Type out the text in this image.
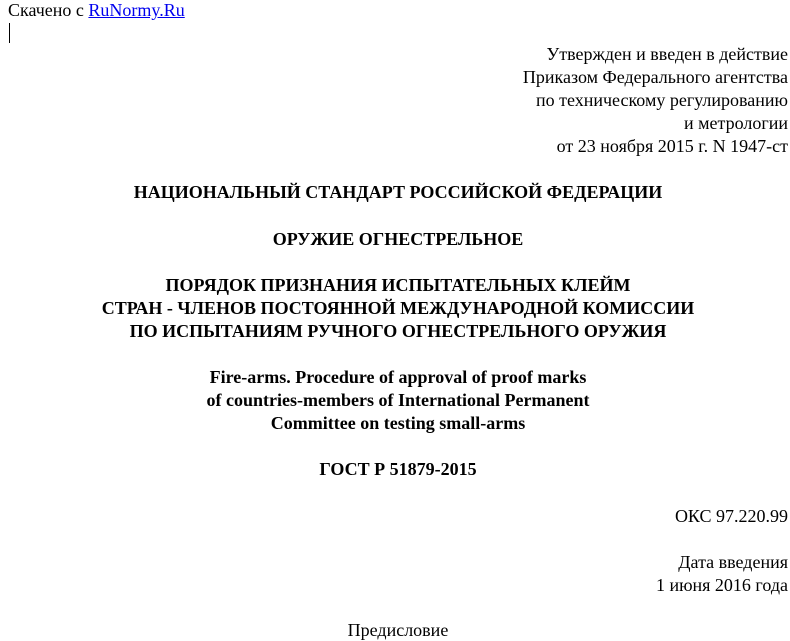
Скачено с RuNormy.Ru
Утвержден и введен в действие
Приказом Федерального агентства
по техническому регулированию
и метрологии
от 23 ноября 2015 г. N 1947-ст
НАЦИОНАЛЬНЫЙ СТАНДАРТ РОССИЙСКОЙ ФЕДЕРАЦИИ
ОРУЖИЕ ОГНЕСТРЕЛЬНОЕ
ПОРЯДОК ПРИЗНАНИЯ ИСПЫТАТЕЛЬНЫХ КЛЕЙМ
СТРАН - ЧЛЕНОВ ПОСТОЯННОЙ МЕЖДУНАРОДНОЙ КОМИССИИ
ПО ИСПЫТАНИЯМ РУЧНОГО ОГНЕСТРЕЛЬНОГО ОРУЖИЯ
Fire-arms. Procedure of approval of proof marks
of countries-members of International Permanent
Committee on testing small-arms
ГОСТ Р 51879-2015
ОКС 97.220.99
Дата введения
1 июня 2016 года
Предисловие
